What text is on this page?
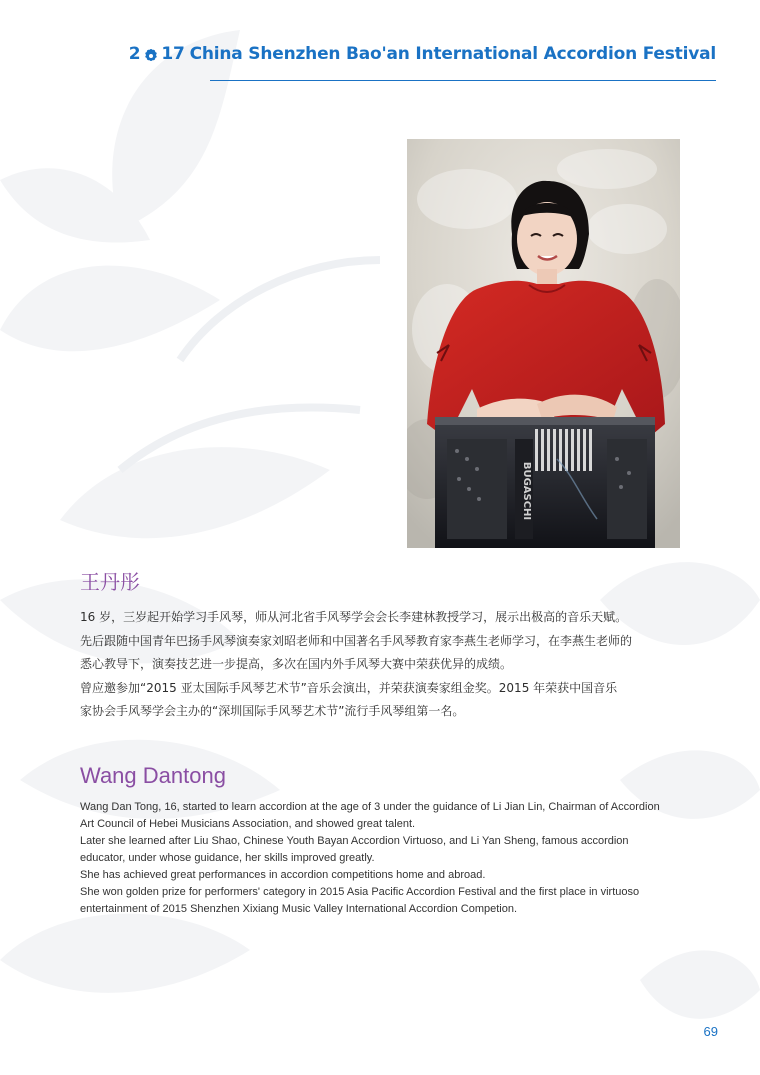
2 17 China Shenzhen Bao'an International Accordion Festival
BUGASCHI
王丹彤

16 岁，三岁起开始学习手风琴，师从河北省手风琴学会会长李建林教授学习，展示出极高的音乐天赋。

先后跟随中国青年巴扬手风琴演奏家刘昭老师和中国著名手风琴教育家李燕生老师学习，在李燕生老师的

悉心教导下，演奏技艺进一步提高，多次在国内外手风琴大赛中荣获优异的成绩。

曾应邀参加“2015 亚太国际手风琴艺术节”音乐会演出，并荣获演奏家组金奖。2015 年荣获中国音乐

家协会手风琴学会主办的“深圳国际手风琴艺术节”流行手风琴组第一名。

Wang Dantong

Wang Dan Tong, 16, started to learn accordion at the age of 3 under the guidance of Li Jian Lin, Chairman of Accordion

Art Council of Hebei Musicians Association, and showed great talent.

Later she learned after Liu Shao, Chinese Youth Bayan Accordion Virtuoso, and Li Yan Sheng, famous accordion

educator, under whose guidance, her skills improved greatly.

She has achieved great performances in accordion competitions home and abroad.

She won golden prize for performers' category in 2015 Asia Pacific Accordion Festival and the first place in virtuoso

entertainment of 2015 Shenzhen Xixiang Music Valley International Accordion Competion.

69
